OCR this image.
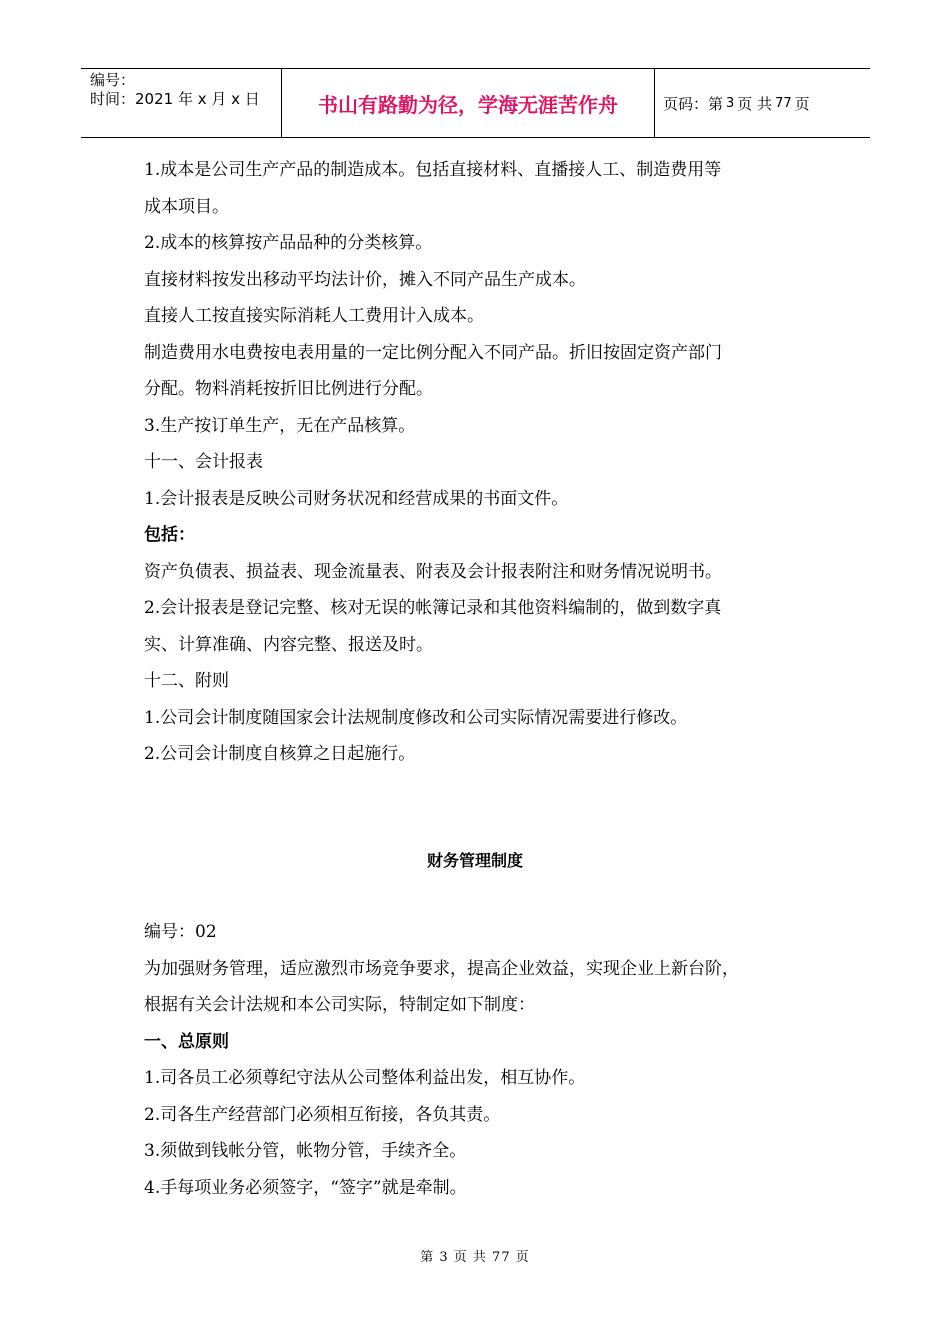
编号：
时间：2021 年 x 月 x 日	书山有路勤为径，学海无涯苦作舟	页码：第 3 页 共 77 页
1.成本是公司生产产品的制造成本。包括直接材料、直播接人工、制造费用等
成本项目。
2.成本的核算按产品品种的分类核算。
直接材料按发出移动平均法计价，摊入不同产品生产成本。
直接人工按直接实际消耗人工费用计入成本。
制造费用水电费按电表用量的一定比例分配入不同产品。折旧按固定资产部门
分配。物料消耗按折旧比例进行分配。
3.生产按订单生产，无在产品核算。
十一、会计报表
1.会计报表是反映公司财务状况和经营成果的书面文件。
包括：
资产负债表、损益表、现金流量表、附表及会计报表附注和财务情况说明书。
2.会计报表是登记完整、核对无误的帐簿记录和其他资料编制的，做到数字真
实、计算准确、内容完整、报送及时。
十二、附则
1.公司会计制度随国家会计法规制度修改和公司实际情况需要进行修改。
2.公司会计制度自核算之日起施行。
财务管理制度
编号：02
为加强财务管理，适应激烈市场竞争要求，提高企业效益，实现企业上新台阶，
根据有关会计法规和本公司实际，特制定如下制度：
一、总原则
1.司各员工必须尊纪守法从公司整体利益出发，相互协作。
2.司各生产经营部门必须相互衔接，各负其责。
3.须做到钱帐分管，帐物分管，手续齐全。
4.手每项业务必须签字，“签字”就是牵制。
第 3 页 共 77 页
